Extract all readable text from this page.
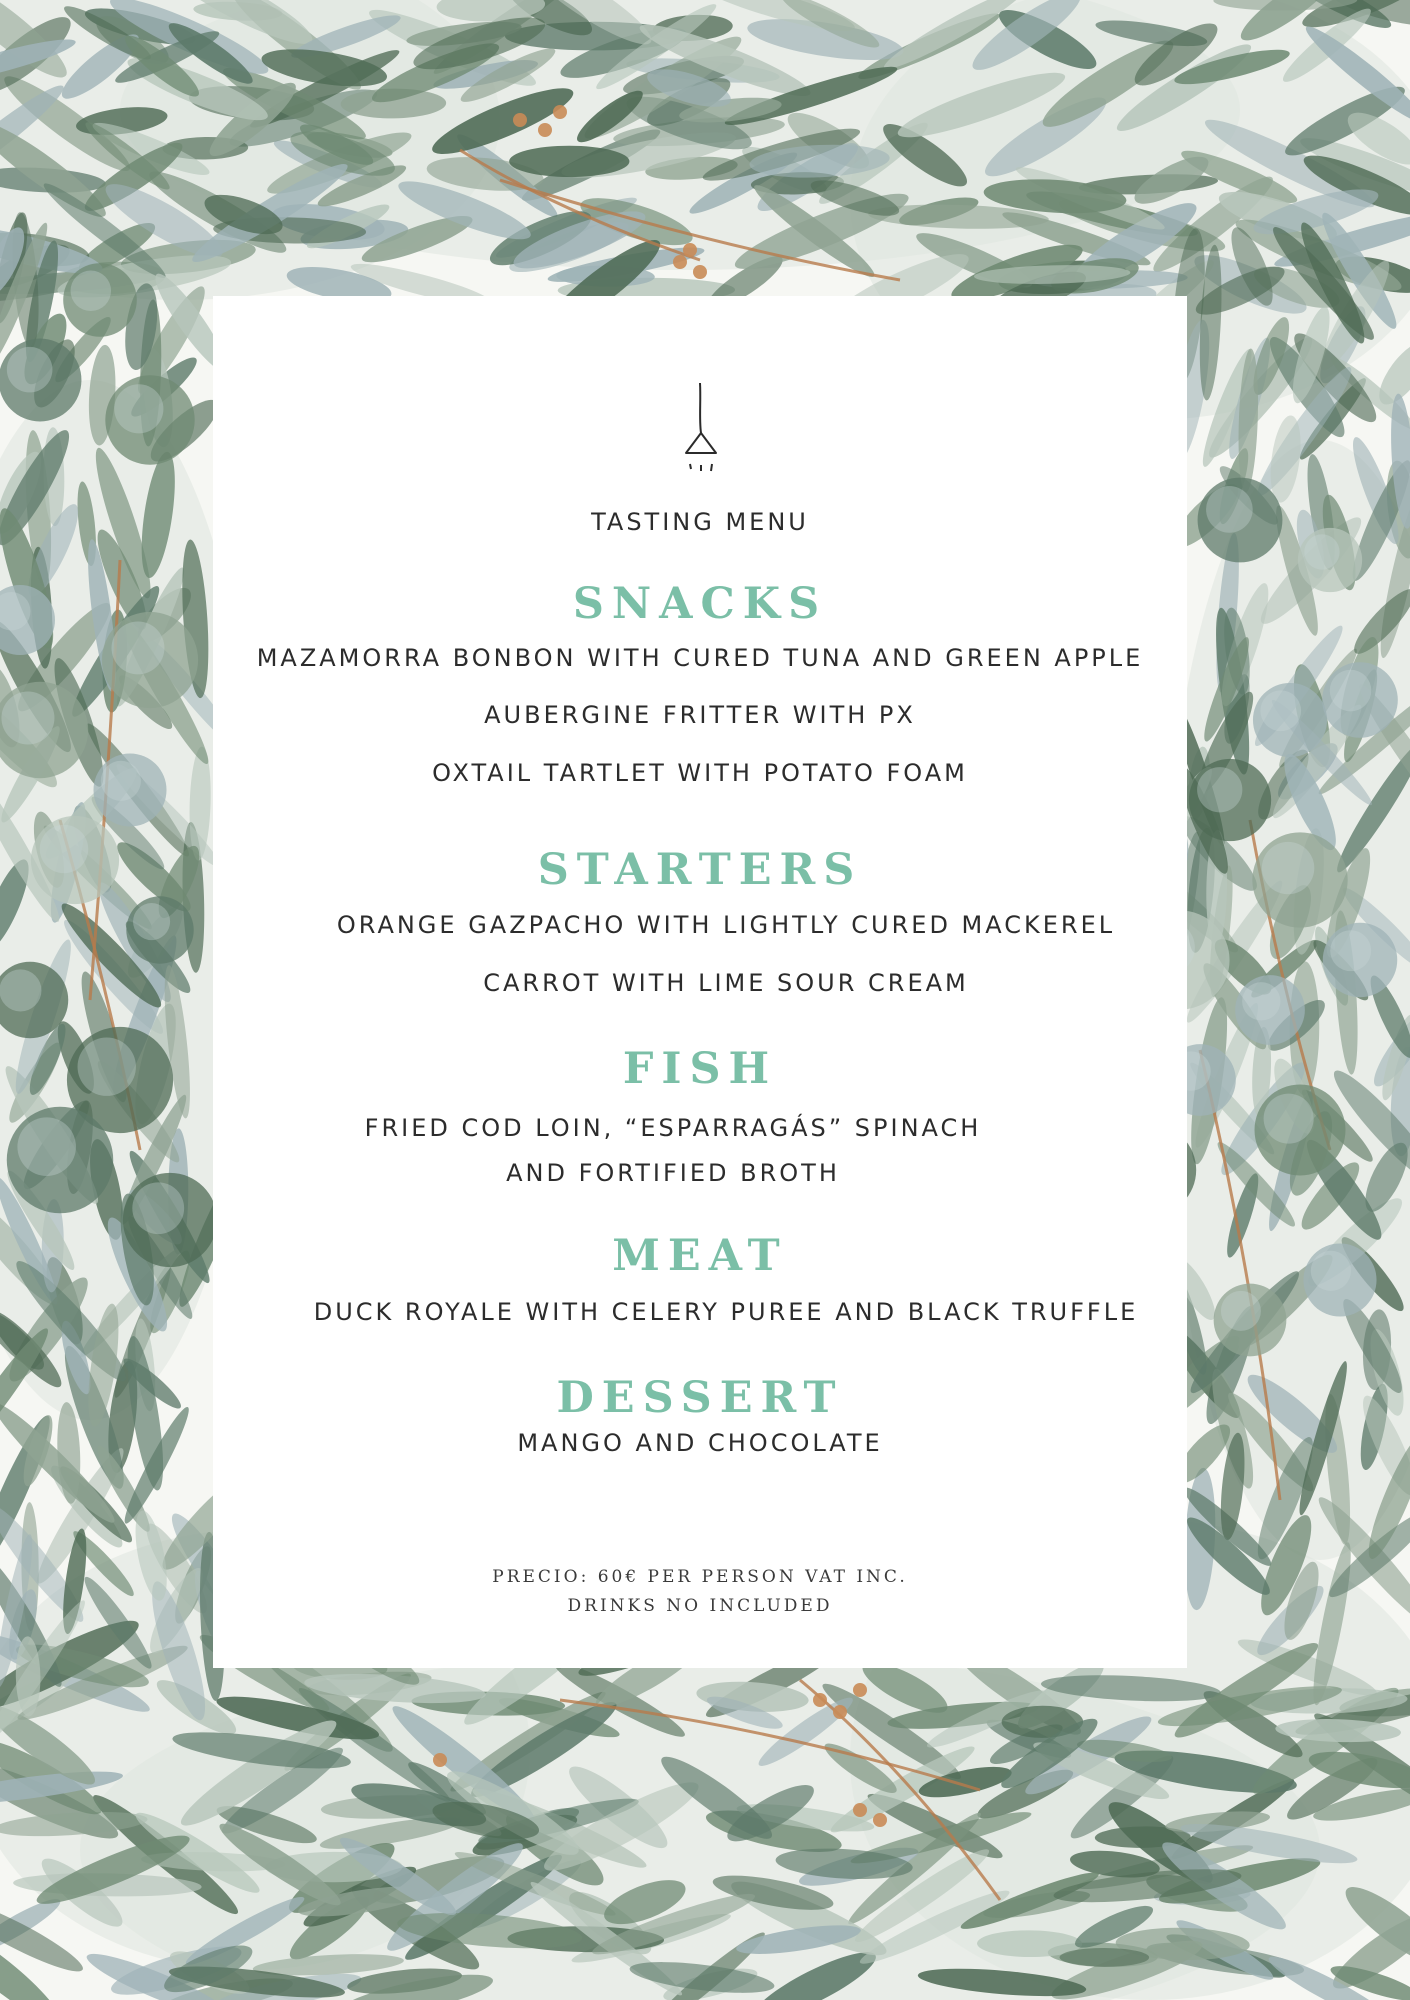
TASTING MENU
SNACKS
MAZAMORRA BONBON WITH CURED TUNA AND GREEN APPLE
AUBERGINE FRITTER WITH PX
OXTAIL TARTLET WITH POTATO FOAM
STARTERS
ORANGE GAZPACHO WITH LIGHTLY CURED MACKEREL
CARROT WITH LIME SOUR CREAM
FISH
FRIED COD LOIN, “ESPARRAGÁS” SPINACH
AND FORTIFIED BROTH
MEAT
DUCK ROYALE WITH CELERY PUREE AND BLACK TRUFFLE
DESSERT
MANGO AND CHOCOLATE
PRECIO: 60€ PER PERSON VAT INC.
DRINKS NO INCLUDED
